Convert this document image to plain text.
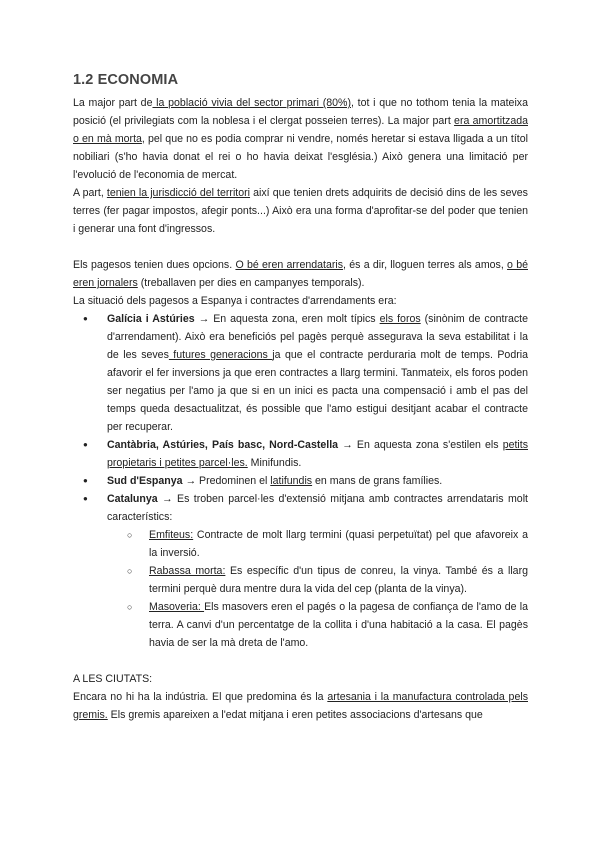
1.2 ECONOMIA

La major part de la població vivia del sector primari (80%), tot i que no tothom tenia la mateixa posició (el privilegiats com la noblesa i el clergat posseien terres). La major part era amortitzada o en mà morta, pel que no es podia comprar ni vendre, només heretar si estava lligada a un títol nobiliari (s'ho havia donat el rei o ho havia deixat l'església.) Això genera una limitació per l'evolució de l'economia de mercat.

A part, tenien la jurisdicció del territori així que tenien drets adquirits de decisió dins de les seves terres (fer pagar impostos, afegir ponts...) Això era una forma d'aprofitar-se del poder que tenien i generar una font d'ingressos.

Els pagesos tenien dues opcions. O bé eren arrendataris, és a dir, lloguen terres als amos, o bé eren jornalers (treballaven per dies en campanyes temporals).

La situació dels pagesos a Espanya i contractes d'arrendaments era:

● Galícia i Astúries → En aquesta zona, eren molt típics els foros (sinònim de contracte d'arrendament). Això era beneficiós pel pagès perquè assegurava la seva estabilitat i la de les seves futures generacions ja que el contracte perduraria molt de temps. Podria afavorir el fer inversions ja que eren contractes a llarg termini. Tanmateix, els foros poden ser negatius per l'amo ja que si en un inici es pacta una compensació i amb el pas del temps queda desactualitzat, és possible que l'amo estigui desitjant acabar el contracte per recuperar.
● Cantàbria, Astúries, País basc, Nord-Castella → En aquesta zona s'estilen els petits propietaris i petites parcel·les. Minifundis.
● Sud d'Espanya → Predominen el latifundis en mans de grans famílies.
● Catalunya → Es troben parcel·les d'extensió mitjana amb contractes arrendataris molt característics:
○ Emfiteus: Contracte de molt llarg termini (quasi perpetuïtat) pel que afavoreix a la inversió.
○ Rabassa morta: Es específic d'un tipus de conreu, la vinya. També és a llarg termini perquè dura mentre dura la vida del cep (planta de la vinya).
○ Masoveria: Els masovers eren el pagés o la pagesa de confiança de l'amo de la terra. A canvi d'un percentatge de la collita i d'una habitació a la casa. El pagès havia de ser la mà dreta de l'amo.

A LES CIUTATS:

Encara no hi ha la indústria. El que predomina és la artesania i la manufactura controlada pels gremis. Els gremis apareixen a l'edat mitjana i eren petites associacions d'artesans que
